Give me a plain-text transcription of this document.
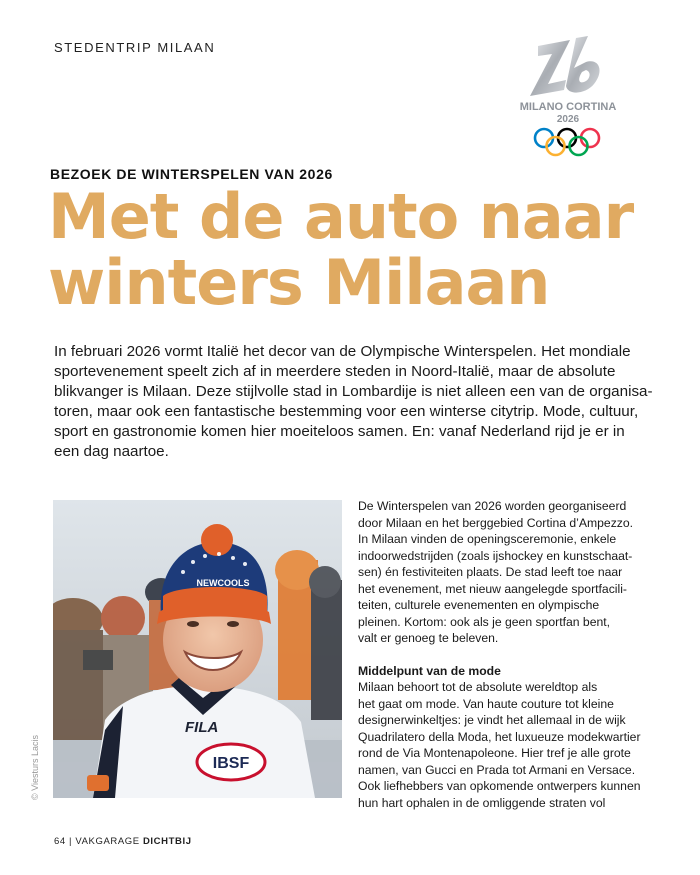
STEDENTRIP MILAAN
MILANO CORTINA
2026
BEZOEK DE WINTERSPELEN VAN 2026
Met de auto naar
winters Milaan

In februari 2026 vormt Italië het decor van de Olympische Winterspelen. Het mondiale
sportevenement speelt zich af in meerdere steden in Noord-Italië, maar de absolute
blikvanger is Milaan. Deze stijlvolle stad in Lombardije is niet alleen een van de organisa-
toren, maar ook een fantastische bestemming voor een winterse citytrip. Mode, cultuur,
sport en gastronomie komen hier moeiteloos samen. En: vanaf Nederland rijd je er in
een dag naartoe.

FILA
IBSF
NEWCOOLS
© Viesturs Lacis
De Winterspelen van 2026 worden georganiseerd
door Milaan en het berggebied Cortina d’Ampezzo.
In Milaan vinden de openingsceremonie, enkele
indoorwedstrijden (zoals ijshockey en kunstschaat-
sen) én festiviteiten plaats. De stad leeft toe naar
het evenement, met nieuw aangelegde sportfacili-
teiten, culturele evenementen en olympische
pleinen. Kortom: ook als je geen sportfan bent,
valt er genoeg te beleven.
Middelpunt van de mode
Milaan behoort tot de absolute wereldtop als
het gaat om mode. Van haute couture tot kleine
designerwinkeltjes: je vindt het allemaal in de wijk
Quadrilatero della Moda, het luxueuze modekwartier
rond de Via Montenapoleone. Hier tref je alle grote
namen, van Gucci en Prada tot Armani en Versace.
Ook liefhebbers van opkomende ontwerpers kunnen
hun hart ophalen in de omliggende straten vol
64 | VAKGARAGE DICHTBIJ
